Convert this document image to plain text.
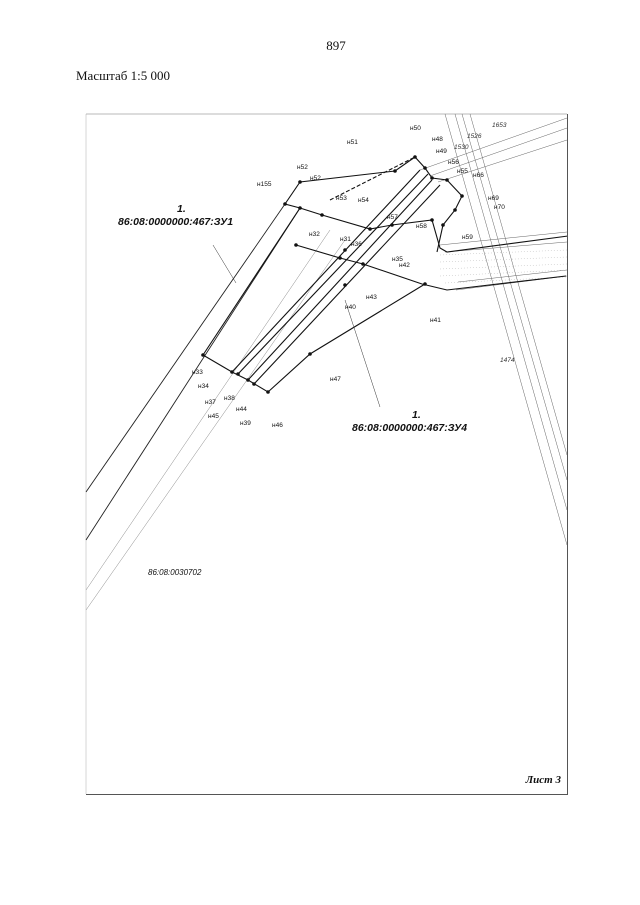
897
Масштаб 1:5 000
1.
86:08:0000000:467:ЗУ1
1.
86:08:0000000:467:ЗУ4
86:08:0030702
1653
1526
1530
1474
н50
н51	н48
н49
н56
н55
н66
н52
н52
н155
н53 н54	н69
н70
н57
н58
н59
н32
н31
н36
н35
н42
н43
н40
н41
н47
н33
н34
н37
н38
н45
н44
н39	н46
Лист 3
